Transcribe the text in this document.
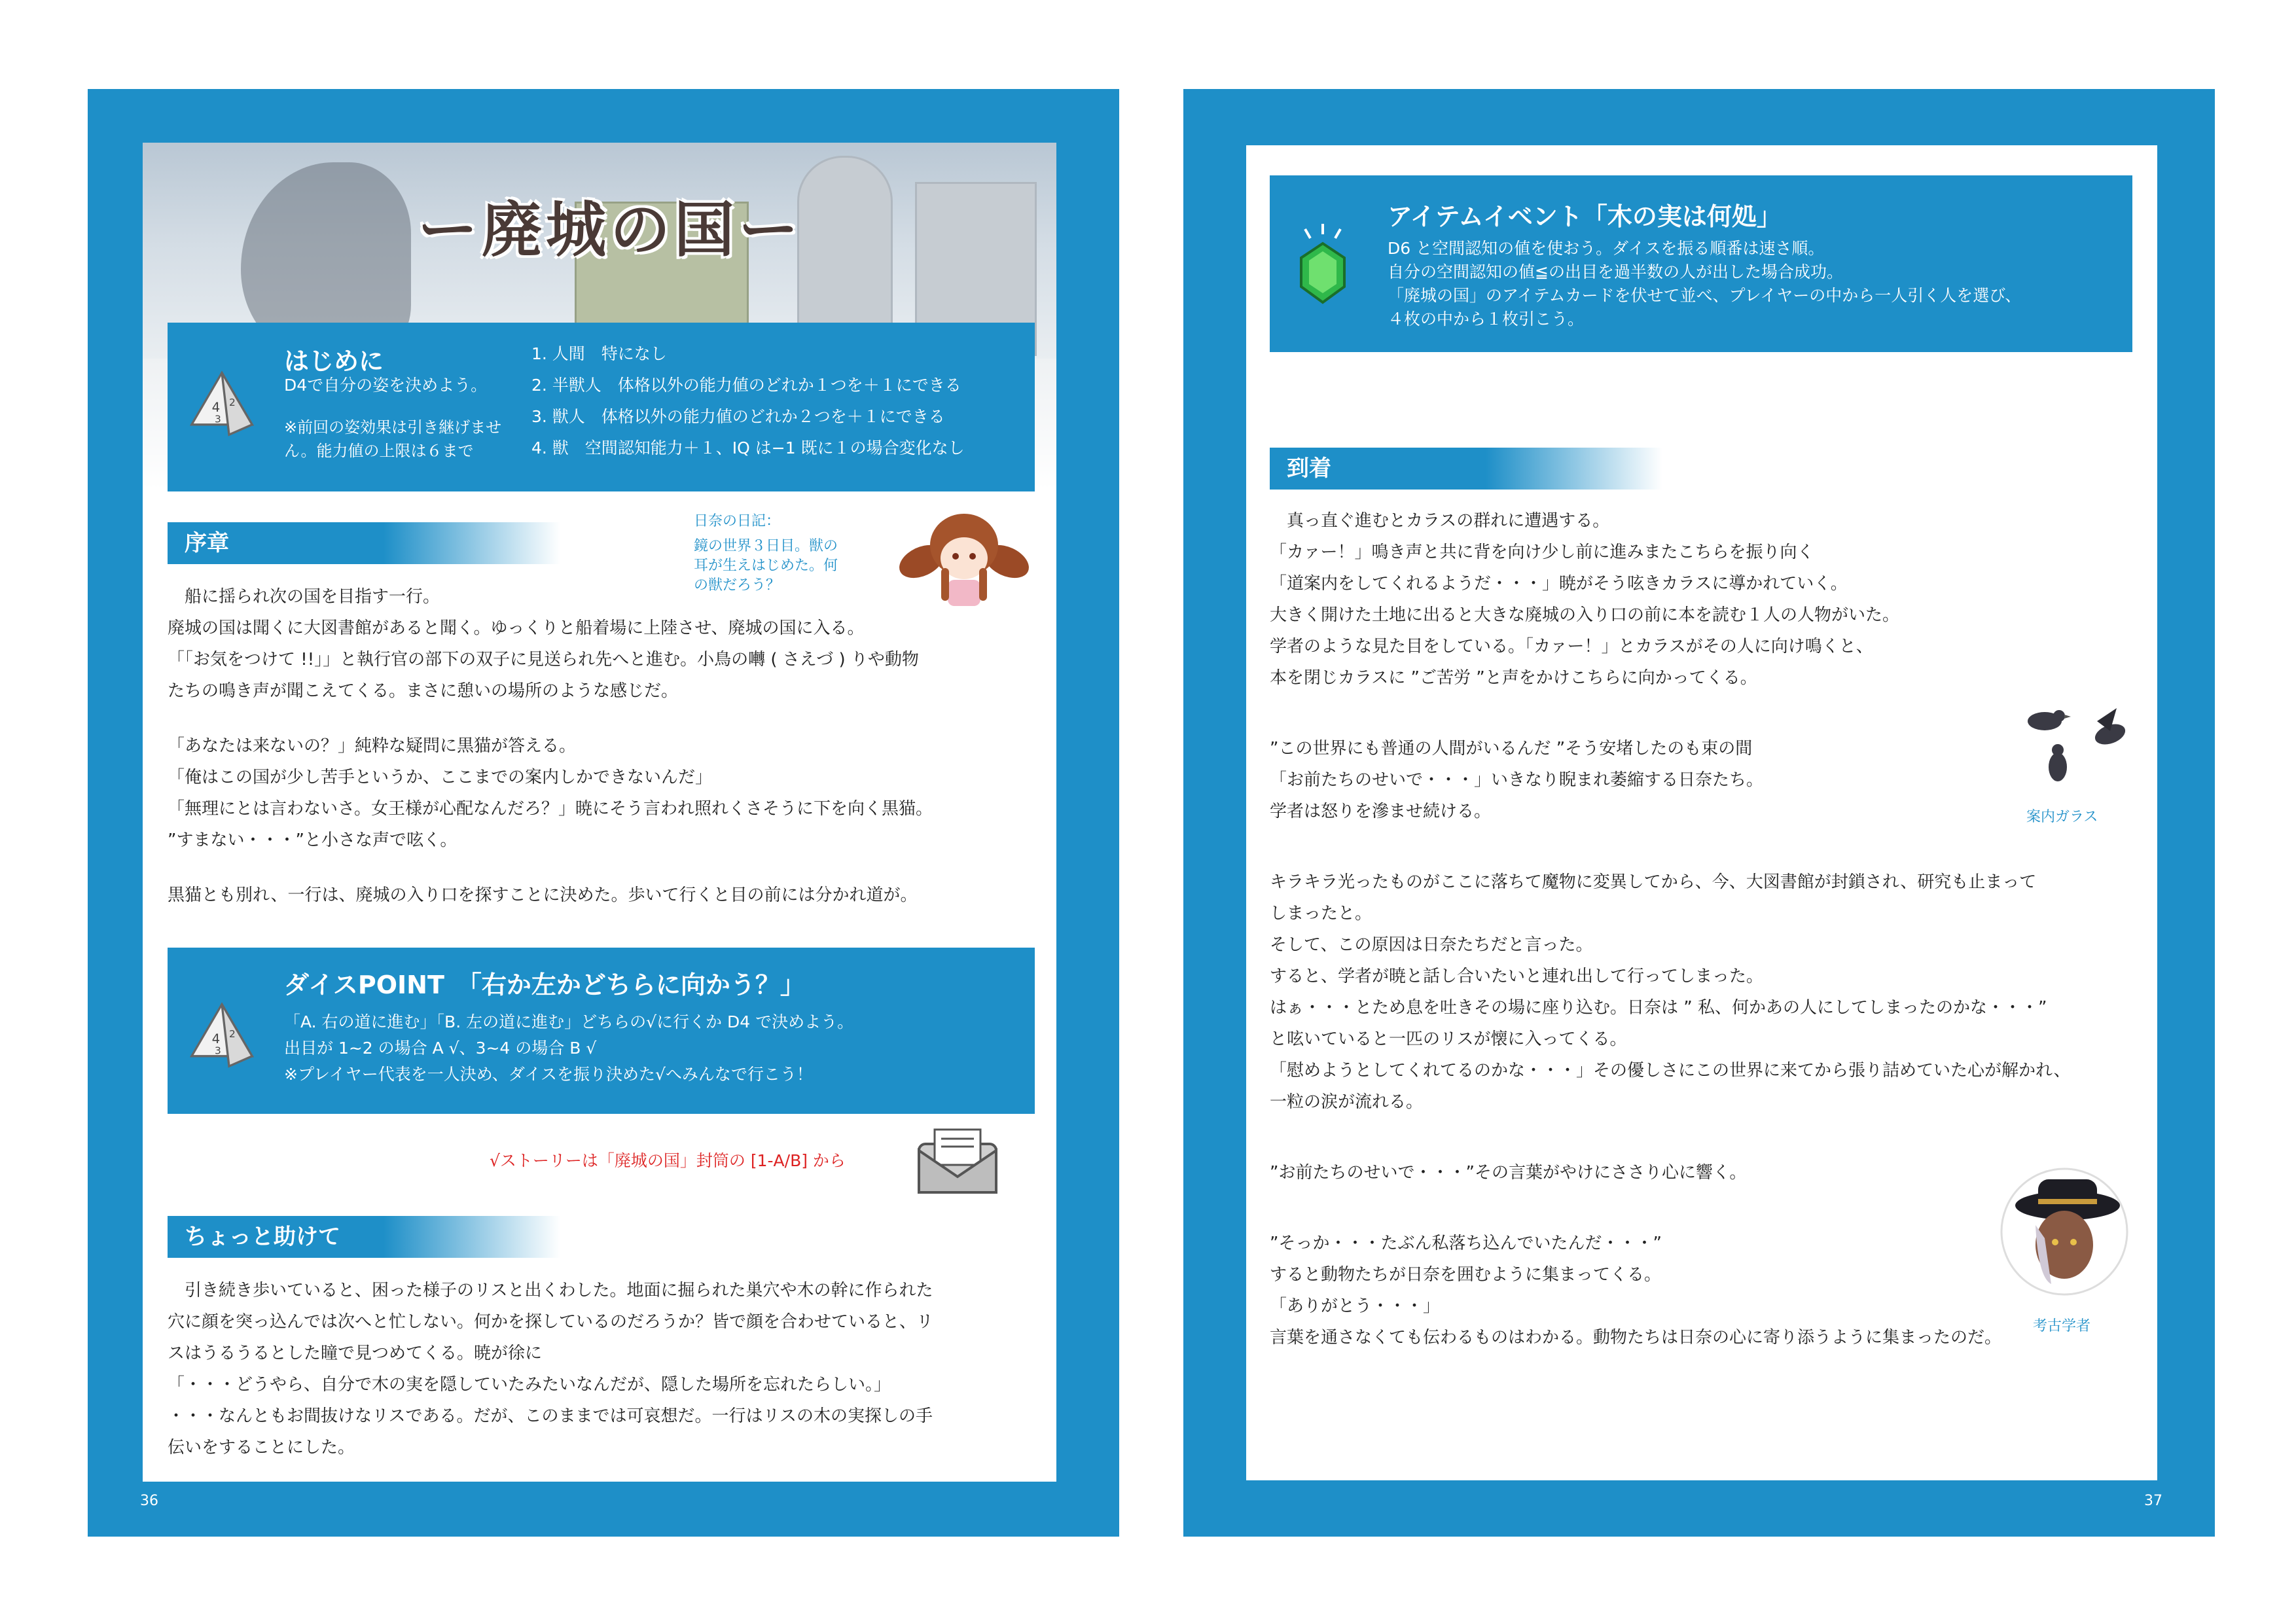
ー廃城の国ー
4 2
3
はじめに
D4で自分の姿を決めよう。
※前回の姿効果は引き継げません。能力値の上限は６まで
1. 人間　特になし
2. 半獣人　体格以外の能力値のどれか１つを＋１にできる
3. 獣人　体格以外の能力値のどれか２つを＋１にできる
4. 獣　空間認知能力＋１、IQ は−1 既に１の場合変化なし
序章
日奈の日記：
鏡の世界３日目。獣の耳が生えはじめた。何の獣だろう？

　船に揺られ次の国を目指す一行。

廃城の国は聞くに大図書館があると聞く。ゆっくりと船着場に上陸させ、廃城の国に入る。

「「お気をつけて !!」」と執行官の部下の双子に見送られ先へと進む。小鳥の囀 ( さえづ ) りや動物

たちの鳴き声が聞こえてくる。まさに憩いの場所のような感じだ。

「あなたは来ないの？」純粋な疑問に黒猫が答える。

「俺はこの国が少し苦手というか、ここまでの案内しかできないんだ」

「無理にとは言わないさ。女王様が心配なんだろ？」暁にそう言われ照れくさそうに下を向く黒猫。

”すまない・・・”と小さな声で呟く。

黒猫とも別れ、一行は、廃城の入り口を探すことに決めた。歩いて行くと目の前には分かれ道が。

4 2
3
ダイスPOINT　「右か左かどちらに向かう？」
「A. 右の道に進む」「B. 左の道に進む」どちらの√に行くか D4 で決めよう。
出目が 1~2 の場合 A √、3~4 の場合 B √
※プレイヤー代表を一人決め、ダイスを振り決めた√へみんなで行こう！
√ストーリーは「廃城の国」封筒の [1-A/B] から
ちょっと助けて

　引き続き歩いていると、困った様子のリスと出くわした。地面に掘られた巣穴や木の幹に作られた

穴に顔を突っ込んでは次へと忙しない。何かを探しているのだろうか？皆で顔を合わせていると、リ

スはうるうるとした瞳で見つめてくる。暁が徐に

「・・・どうやら、自分で木の実を隠していたみたいなんだが、隠した場所を忘れたらしい。」

・・・なんともお間抜けなリスである。だが、このままでは可哀想だ。一行はリスの木の実探しの手

伝いをすることにした。

36
アイテムイベント「木の実は何処」
D6 と空間認知の値を使おう。ダイスを振る順番は速さ順。
自分の空間認知の値≦の出目を過半数の人が出した場合成功。
「廃城の国」のアイテムカードを伏せて並べ、プレイヤーの中から一人引く人を選び、
４枚の中から１枚引こう。
到着

　真っ直ぐ進むとカラスの群れに遭遇する。

「カァー！」鳴き声と共に背を向け少し前に進みまたこちらを振り向く

「道案内をしてくれるようだ・・・」暁がそう呟きカラスに導かれていく。

大きく開けた土地に出ると大きな廃城の入り口の前に本を読む１人の人物がいた。

学者のような見た目をしている。「カァー！」とカラスがその人に向け鳴くと、

本を閉じカラスに ”ご苦労 ”と声をかけこちらに向かってくる。

”この世界にも普通の人間がいるんだ ”そう安堵したのも束の間

「お前たちのせいで・・・」いきなり睨まれ萎縮する日奈たち。

学者は怒りを滲ませ続ける。

キラキラ光ったものがここに落ちて魔物に変異してから、今、大図書館が封鎖され、研究も止まって

しまったと。

そして、この原因は日奈たちだと言った。

すると、学者が暁と話し合いたいと連れ出して行ってしまった。

はぁ・・・とため息を吐きその場に座り込む。日奈は ” 私、何かあの人にしてしまったのかな・・・”

と呟いていると一匹のリスが懐に入ってくる。

「慰めようとしてくれてるのかな・・・」その優しさにこの世界に来てから張り詰めていた心が解かれ、

一粒の涙が流れる。

”お前たちのせいで・・・”その言葉がやけにささり心に響く。

”そっか・・・たぶん私落ち込んでいたんだ・・・”

すると動物たちが日奈を囲むように集まってくる。

「ありがとう・・・」

言葉を通さなくても伝わるものはわかる。動物たちは日奈の心に寄り添うように集まったのだ。

案内ガラス
考古学者
37
